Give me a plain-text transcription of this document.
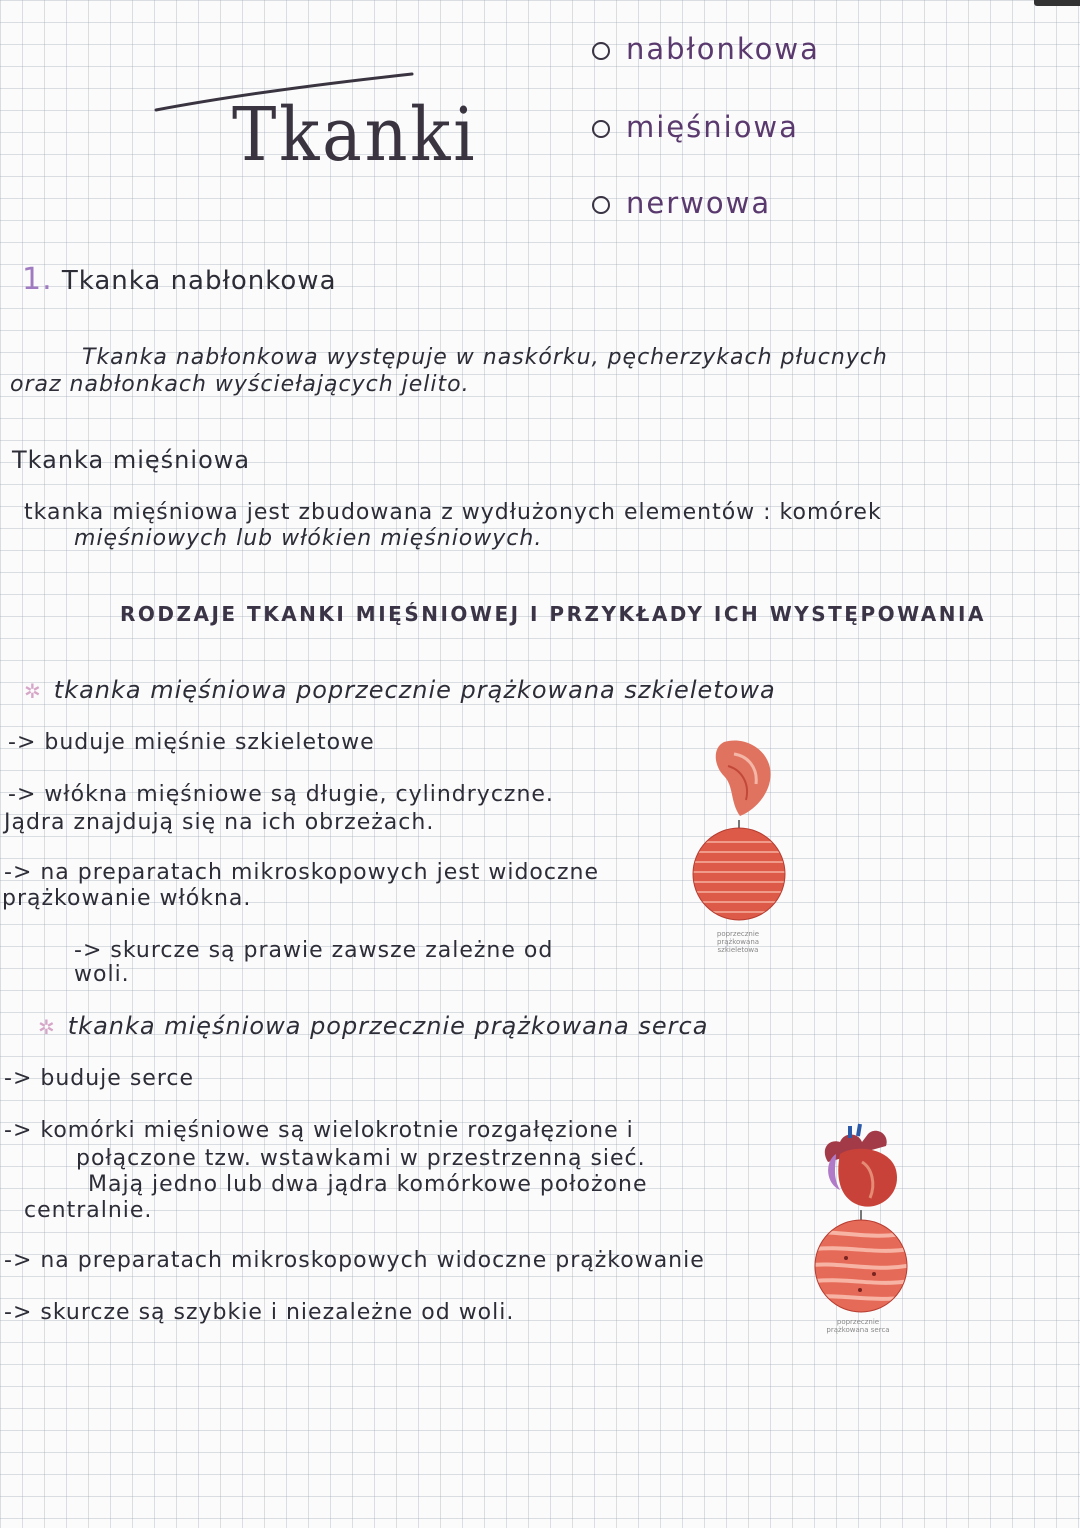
Tkanki
nabłonkowa
mięśniowa
nerwowa
1. Tkanka nabłonkowa
Tkanka nabłonkowa występuje w naskórku, pęcherzykach płucnych
oraz nabłonkach wyściełających jelito.
Tkanka mięśniowa
tkanka mięśniowa jest zbudowana z wydłużonych elementów : komórek
mięśniowych lub włókien mięśniowych.
RODZAJE TKANKI MIĘŚNIOWEJ I PRZYKŁADY ICH WYSTĘPOWANIA
✲ tkanka mięśniowa poprzecznie prążkowana szkieletowa
-> buduje mięśnie szkieletowe
-> włókna mięśniowe są długie, cylindryczne.
Jądra znajdują się na ich obrzeżach.
-> na preparatach mikroskopowych jest widoczne
prążkowanie włókna.
-> skurcze są prawie zawsze zależne od
woli.
poprzecznie prążkowana szkieletowa
✲ tkanka mięśniowa poprzecznie prążkowana serca
-> buduje serce
-> komórki mięśniowe są wielokrotnie rozgałęzione i
połączone tzw. wstawkami w przestrzenną sieć.
Mają jedno lub dwa jądra komórkowe położone
centralnie.
-> na preparatach mikroskopowych widoczne prążkowanie
-> skurcze są szybkie i niezależne od woli.	poprzecznie prążkowana serca
